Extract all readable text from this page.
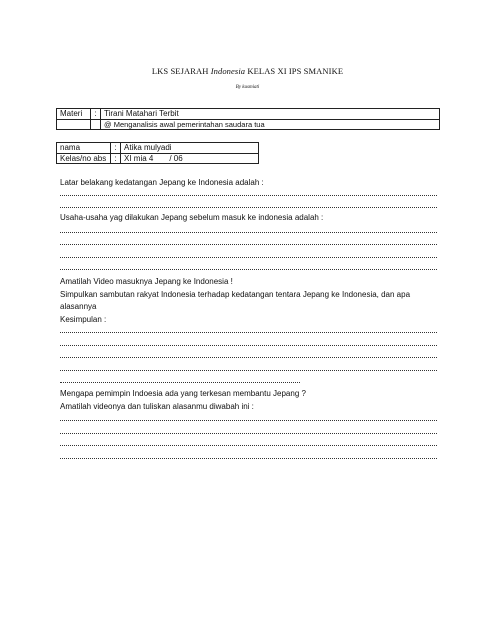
LKS SEJARAH Indonesia KELAS XI IPS SMANIKE
By kusmiati
Materi	:	Tirani Matahari Terbit
		@ Menganalisis awal pemerintahan saudara tua
nama	:	Atika mulyadi
Kelas/no abs	:	XI mia 4 / 06
Latar belakang kedatangan Jepang ke Indonesia adalah :
Usaha-usaha yag dilakukan Jepang sebelum masuk ke indonesia adalah :
Amatilah Video masuknya Jepang ke Indonesia !
Simpulkan sambutan rakyat Indonesia terhadap kedatangan tentara Jepang ke Indonesia, dan apa
alasannya
Kesimpulan :
Mengapa pemimpin Indoesia ada yang terkesan membantu Jepang ?
Amatilah videonya dan tuliskan alasanmu diwabah ini :
